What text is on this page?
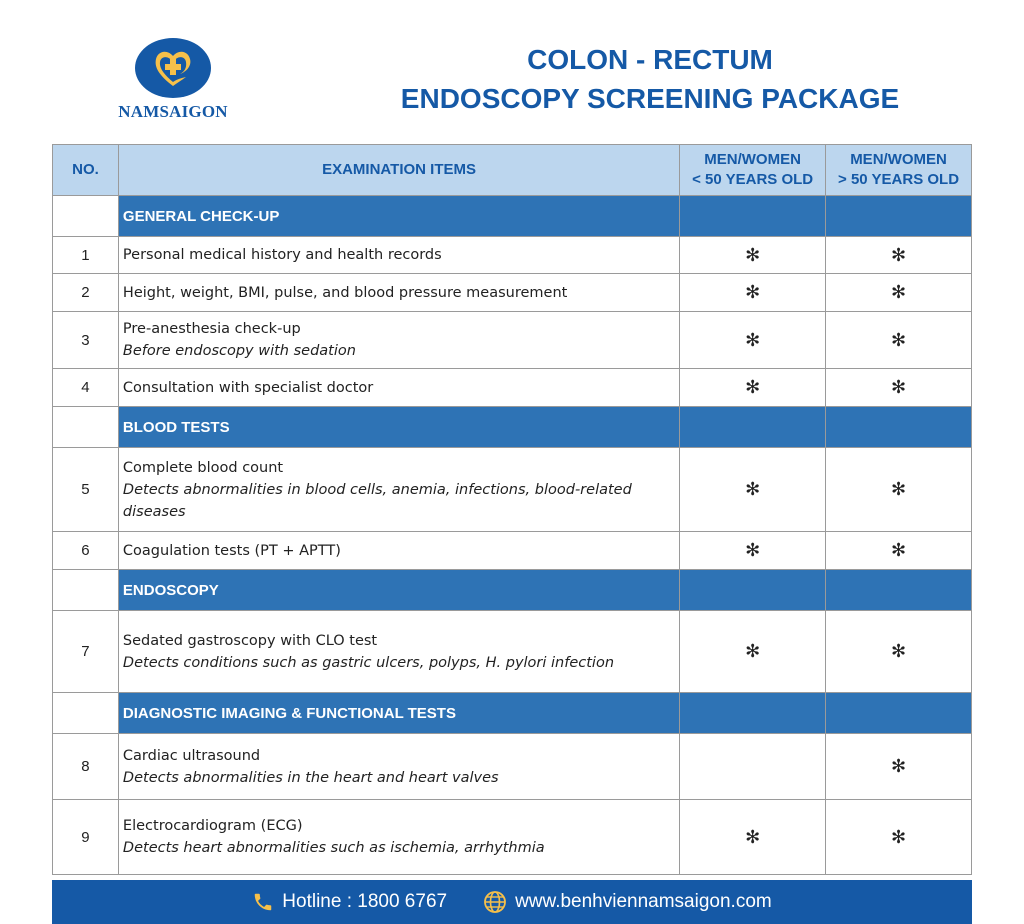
NAMSAIGON
COLON - RECTUM
ENDOSCOPY SCREENING PACKAGE
NO.	EXAMINATION ITEMS	MEN/WOMEN
< 50 YEARS OLD	MEN/WOMEN
> 50 YEARS OLD
	GENERAL CHECK-UP		
1	Personal medical history and health records	✻	✻
2	Height, weight, BMI, pulse, and blood pressure measurement	✻	✻
3	Pre-anesthesia check-up
Before endoscopy with sedation	✻	✻
4	Consultation with specialist doctor	✻	✻
	BLOOD TESTS		
5	Complete blood count
Detects abnormalities in blood cells, anemia, infections, blood-related diseases	✻	✻
6	Coagulation tests (PT + APTT)	✻	✻
	ENDOSCOPY		
7	Sedated gastroscopy with CLO test
Detects conditions such as gastric ulcers, polyps, H. pylori infection	✻	✻
	DIAGNOSTIC IMAGING & FUNCTIONAL TESTS		
8	Cardiac ultrasound
Detects abnormalities in the heart and heart valves		✻
9	Electrocardiogram (ECG)
Detects heart abnormalities such as ischemia, arrhythmia	✻	✻
Hotline : 1800 6767	www.benhviennamsaigon.com
